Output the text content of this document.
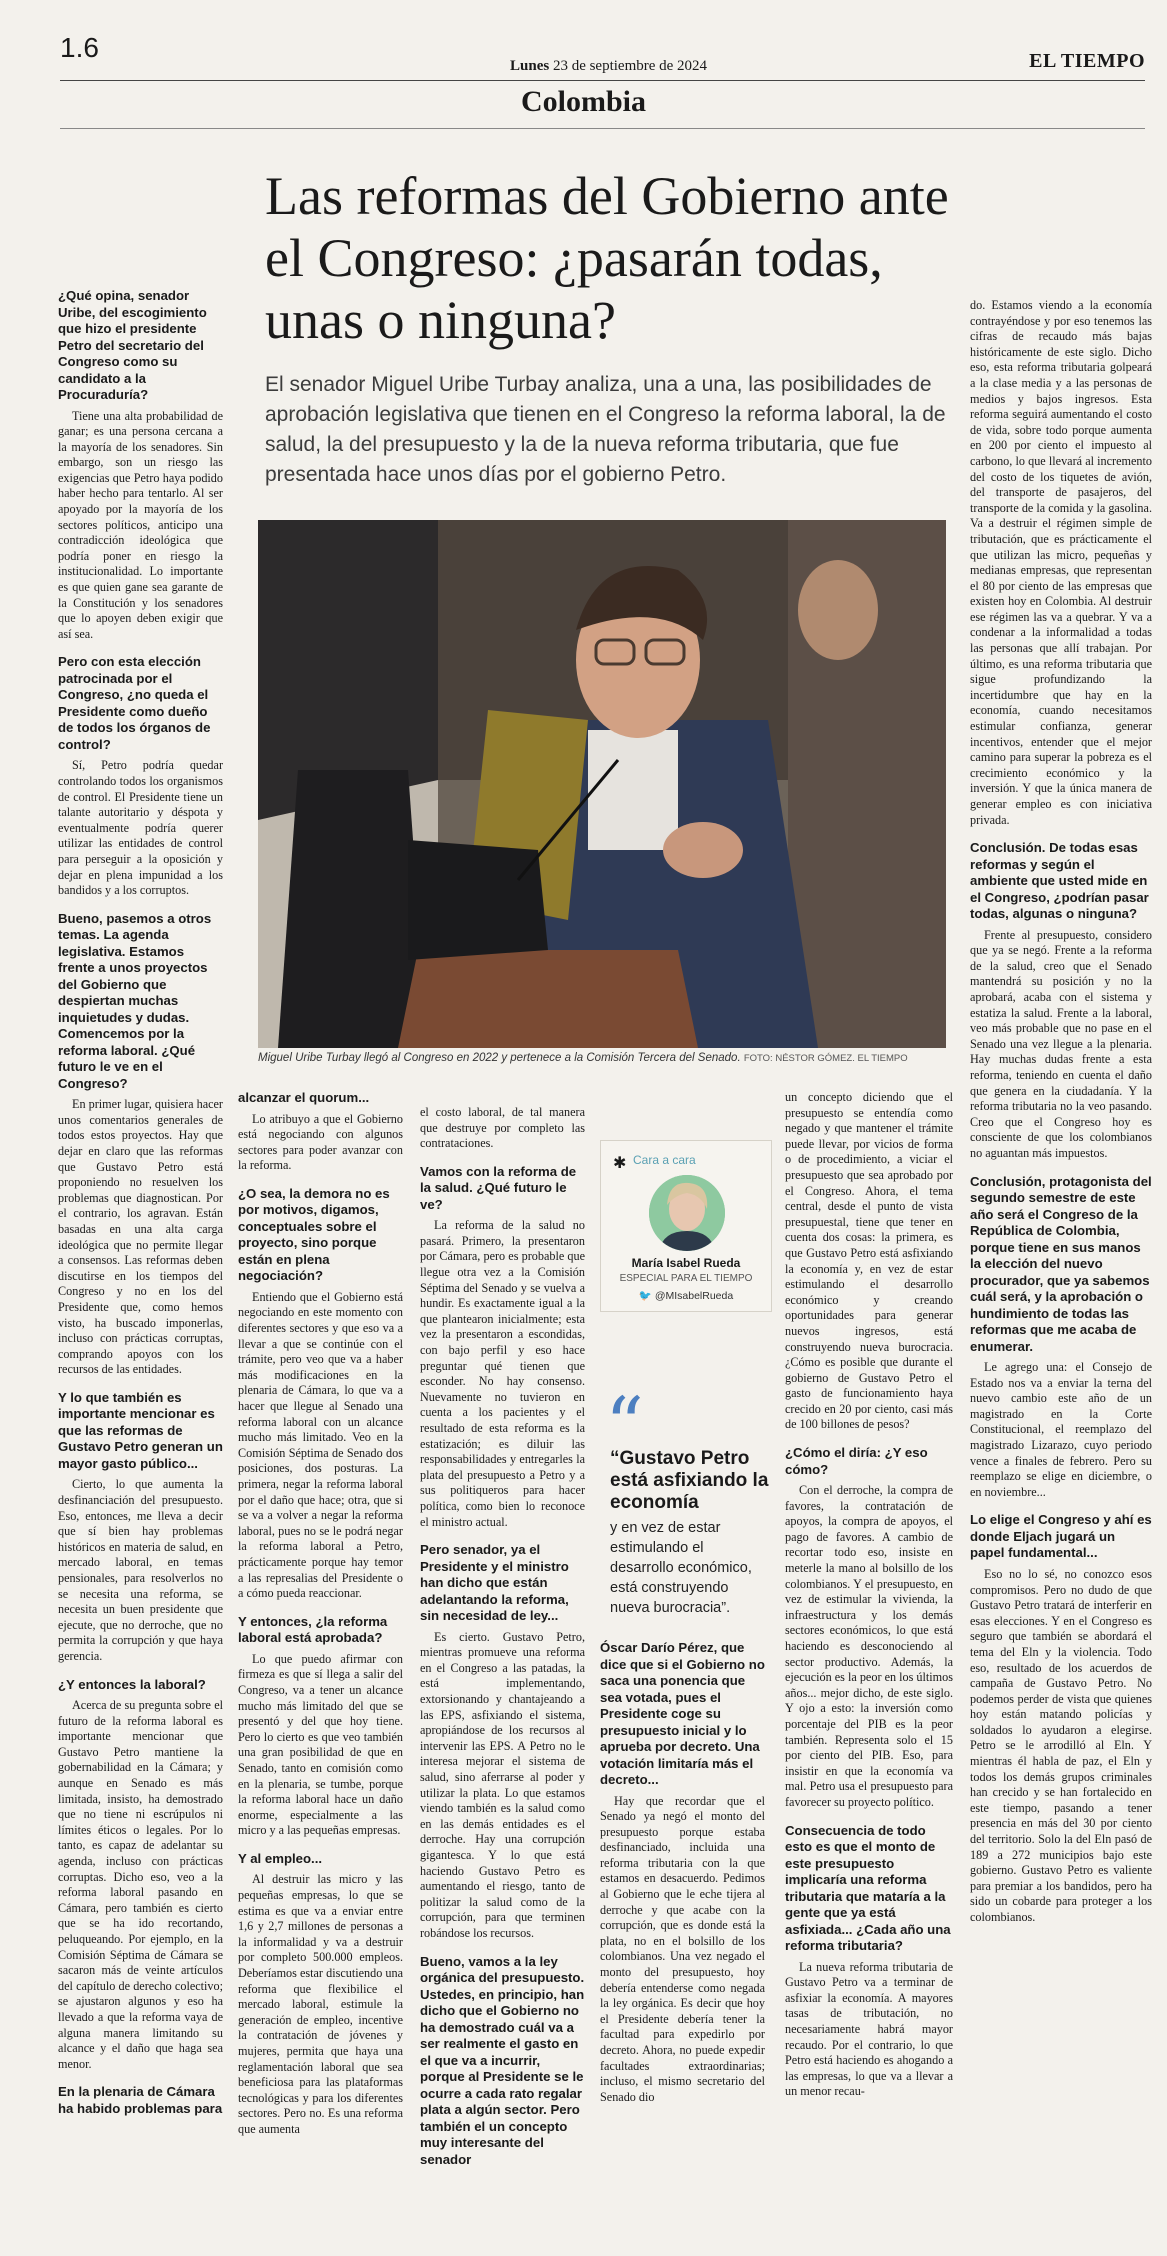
1.6
Lunes 23 de septiembre de 2024	EL TIEMPO
Colombia
Las reformas del Gobierno ante el Congreso: ¿pasarán todas, unas o ninguna?

El senador Miguel Uribe Turbay analiza, una a una, las posibilidades de aprobación legislativa que tienen en el Congreso la reforma laboral, la de salud, la del presupuesto y la de la nueva reforma tributaria, que fue presentada hace unos días por el gobierno Petro.

Miguel Uribe Turbay llegó al Congreso en 2022 y pertenece a la Comisión Tercera del Senado. FOTO: NÉSTOR GÓMEZ. EL TIEMPO
¿Qué opina, senador Uribe, del escogimiento que hizo el presidente Petro del secretario del Congreso como su candidato a la Procuraduría?

Tiene una alta probabilidad de ganar; es una persona cercana a la mayoría de los senadores. Sin embargo, son un riesgo las exigencias que Petro haya podido haber hecho para tentarlo. Al ser apoyado por la mayoría de los sectores políticos, anticipo una contradicción ideológica que podría poner en riesgo la institucionalidad. Lo importante es que quien gane sea garante de la Constitución y los senadores que lo apoyen deben exigir que así sea.

Pero con esta elección patrocinada por el Congreso, ¿no queda el Presidente como dueño de todos los órganos de control?

Sí, Petro podría quedar controlando todos los organismos de control. El Presidente tiene un talante autoritario y déspota y eventualmente podría querer utilizar las entidades de control para perseguir a la oposición y dejar en plena impunidad a los bandidos y a los corruptos.

Bueno, pasemos a otros temas. La agenda legislativa. Estamos frente a unos proyectos del Gobierno que despiertan muchas inquietudes y dudas. Comencemos por la reforma laboral. ¿Qué futuro le ve en el Congreso?

En primer lugar, quisiera hacer unos comentarios generales de todos estos proyectos. Hay que dejar en claro que las reformas que Gustavo Petro está proponiendo no resuelven los problemas que diagnostican. Por el contrario, los agravan. Están basadas en una alta carga ideológica que no permite llegar a consensos. Las reformas deben discutirse en los tiempos del Congreso y no en los del Presidente que, como hemos visto, ha buscado imponerlas, incluso con prácticas corruptas, comprando apoyos con los recursos de las entidades.

Y lo que también es importante mencionar es que las reformas de Gustavo Petro generan un mayor gasto público...

Cierto, lo que aumenta la desfinanciación del presupuesto. Eso, entonces, me lleva a decir que sí bien hay problemas históricos en materia de salud, en mercado laboral, en temas pensionales, para resolverlos no se necesita una reforma, se necesita un buen presidente que ejecute, que no derroche, que no permita la corrupción y que haya gerencia.

¿Y entonces la laboral?

Acerca de su pregunta sobre el futuro de la reforma laboral es importante mencionar que Gustavo Petro mantiene la gobernabilidad en la Cámara; y aunque en Senado es más limitada, insisto, ha demostrado que no tiene ni escrúpulos ni límites éticos o legales. Por lo tanto, es capaz de adelantar su agenda, incluso con prácticas corruptas. Dicho eso, veo a la reforma laboral pasando en Cámara, pero también es cierto que se ha ido recortando, peluqueando. Por ejemplo, en la Comisión Séptima de Cámara se sacaron más de veinte artículos del capítulo de derecho colectivo; se ajustaron algunos y eso ha llevado a que la reforma vaya de alguna manera limitando su alcance y el daño que haga sea menor.

En la plenaria de Cámara ha habido problemas para
alcanzar el quorum...

Lo atribuyo a que el Gobierno está negociando con algunos sectores para poder avanzar con la reforma.

¿O sea, la demora no es por motivos, digamos, conceptuales sobre el proyecto, sino porque están en plena negociación?

Entiendo que el Gobierno está negociando en este momento con diferentes sectores y que eso va a llevar a que se continúe con el trámite, pero veo que va a haber más modificaciones en la plenaria de Cámara, lo que va a hacer que llegue al Senado una reforma laboral con un alcance mucho más limitado. Veo en la Comisión Séptima de Senado dos posiciones, dos posturas. La primera, negar la reforma laboral por el daño que hace; otra, que si se va a volver a negar la reforma laboral, pues no se le podrá negar la reforma laboral a Petro, prácticamente porque hay temor a las represalias del Presidente o a cómo pueda reaccionar.

Y entonces, ¿la reforma laboral está aprobada?

Lo que puedo afirmar con firmeza es que sí llega a salir del Congreso, va a tener un alcance mucho más limitado del que se presentó y del que hoy tiene. Pero lo cierto es que veo también una gran posibilidad de que en Senado, tanto en comisión como en la plenaria, se tumbe, porque la reforma laboral hace un daño enorme, especialmente a las micro y a las pequeñas empresas.

Y al empleo...

Al destruir las micro y las pequeñas empresas, lo que se estima es que va a enviar entre 1,6 y 2,7 millones de personas a la informalidad y va a destruir por completo 500.000 empleos. Deberíamos estar discutiendo una reforma que flexibilice el mercado laboral, estimule la generación de empleo, incentive la contratación de jóvenes y mujeres, permita que haya una reglamentación laboral que sea beneficiosa para las plataformas tecnológicas y para los diferentes sectores. Pero no. Es una reforma que aumenta

el costo laboral, de tal manera que destruye por completo las contrataciones.

Vamos con la reforma de la salud. ¿Qué futuro le ve?

La reforma de la salud no pasará. Primero, la presentaron por Cámara, pero es probable que llegue otra vez a la Comisión Séptima del Senado y se vuelva a hundir. Es exactamente igual a la que plantearon inicialmente; esta vez la presentaron a escondidas, con bajo perfil y eso hace preguntar qué tienen que esconder. No hay consenso. Nuevamente no tuvieron en cuenta a los pacientes y el resultado de esta reforma es la estatización; es diluir las responsabilidades y entregarles la plata del presupuesto a Petro y a sus politiqueros para hacer política, como bien lo reconoce el ministro actual.

Pero senador, ya el Presidente y el ministro han dicho que están adelantando la reforma, sin necesidad de ley...

Es cierto. Gustavo Petro, mientras promueve una reforma en el Congreso a las patadas, la está implementando, extorsionando y chantajeando a las EPS, asfixiando el sistema, apropiándose de los recursos al intervenir las EPS. A Petro no le interesa mejorar el sistema de salud, sino aferrarse al poder y utilizar la plata. Lo que estamos viendo también es la salud como en las demás entidades es el derroche. Hay una corrupción gigantesca. Y lo que está haciendo Gustavo Petro es aumentando el riesgo, tanto de politizar la salud como de la corrupción, para que terminen robándose los recursos.

Bueno, vamos a la ley orgánica del presupuesto. Ustedes, en principio, han dicho que el Gobierno no ha demostrado cuál va a ser realmente el gasto en el que va a incurrir, porque al Presidente se le ocurre a cada rato regalar plata a algún sector. Pero también el un concepto muy interesante del senador
Óscar Darío Pérez, que dice que si el Gobierno no saca una ponencia que sea votada, pues el Presidente coge su presupuesto inicial y lo aprueba por decreto. Una votación limitaría más el decreto...

Hay que recordar que el Senado ya negó el monto del presupuesto porque estaba desfinanciado, incluida una reforma tributaria con la que estamos en desacuerdo. Pedimos al Gobierno que le eche tijera al derroche y que acabe con la corrupción, que es donde está la plata, no en el bolsillo de los colombianos. Una vez negado el monto del presupuesto, hoy debería entenderse como negada la ley orgánica. Es decir que hoy el Presidente debería tener la facultad para expedirlo por decreto. Ahora, no puede expedir facultades extraordinarias; incluso, el mismo secretario del Senado dio

un concepto diciendo que el presupuesto se entendía como negado y que mantener el trámite puede llevar, por vicios de forma o de procedimiento, a viciar el presupuesto que sea aprobado por el Congreso. Ahora, el tema central, desde el punto de vista presupuestal, tiene que tener en cuenta dos cosas: la primera, es que Gustavo Petro está asfixiando la economía y, en vez de estar estimulando el desarrollo económico y creando oportunidades para generar nuevos ingresos, está construyendo nueva burocracia. ¿Cómo es posible que durante el gobierno de Gustavo Petro el gasto de funcionamiento haya crecido en 20 por ciento, casi más de 100 billones de pesos?

¿Cómo el diría: ¿Y eso cómo?

Con el derroche, la compra de favores, la contratación de apoyos, la compra de apoyos, el pago de favores. A cambio de recortar todo eso, insiste en meterle la mano al bolsillo de los colombianos. Y el presupuesto, en vez de estimular la vivienda, la infraestructura y los demás sectores económicos, lo que está haciendo es desconociendo al sector productivo. Además, la ejecución es la peor en los últimos años... mejor dicho, de este siglo. Y ojo a esto: la inversión como porcentaje del PIB es la peor también. Representa solo el 15 por ciento del PIB. Eso, para insistir en que la economía va mal. Petro usa el presupuesto para favorecer su proyecto político.

Consecuencia de todo esto es que el monto de este presupuesto implicaría una reforma tributaria que mataría a la gente que ya está asfixiada... ¿Cada año una reforma tributaria?

La nueva reforma tributaria de Gustavo Petro va a terminar de asfixiar la economía. A mayores tasas de tributación, no necesariamente habrá mayor recaudo. Por el contrario, lo que Petro está haciendo es ahogando a las empresas, lo que va a llevar a un menor recau-

do. Estamos viendo a la economía contrayéndose y por eso tenemos las cifras de recaudo más bajas históricamente de este siglo. Dicho eso, esta reforma tributaria golpeará a la clase media y a las personas de medios y bajos ingresos. Esta reforma seguirá aumentando el costo de vida, sobre todo porque aumenta en 200 por ciento el impuesto al carbono, lo que llevará al incremento del costo de los tiquetes de avión, del transporte de pasajeros, del transporte de la comida y la gasolina. Va a destruir el régimen simple de tributación, que es prácticamente el que utilizan las micro, pequeñas y medianas empresas, que representan el 80 por ciento de las empresas que existen hoy en Colombia. Al destruir ese régimen las va a quebrar. Y va a condenar a la informalidad a todas las personas que allí trabajan. Por último, es una reforma tributaria que sigue profundizando la incertidumbre que hay en la economía, cuando necesitamos estimular confianza, generar incentivos, entender que el mejor camino para superar la pobreza es el crecimiento económico y la inversión. Y que la única manera de generar empleo es con iniciativa privada.

Conclusión. De todas esas reformas y según el ambiente que usted mide en el Congreso, ¿podrían pasar todas, algunas o ninguna?

Frente al presupuesto, considero que ya se negó. Frente a la reforma de la salud, creo que el Senado mantendrá su posición y no la aprobará, acaba con el sistema y estatiza la salud. Frente a la laboral, veo más probable que no pase en el Senado una vez llegue a la plenaria. Hay muchas dudas frente a esta reforma, teniendo en cuenta el daño que genera en la ciudadanía. Y la reforma tributaria no la veo pasando. Creo que el Congreso hoy es consciente de que los colombianos no aguantan más impuestos.

Conclusión, protagonista del segundo semestre de este año será el Congreso de la República de Colombia, porque tiene en sus manos la elección del nuevo procurador, que ya sabemos cuál será, y la aprobación o hundimiento de todas las reformas que me acaba de enumerar.

Le agrego una: el Consejo de Estado nos va a enviar la terna del nuevo cambio este año de un magistrado en la Corte Constitucional, el reemplazo del magistrado Lizarazo, cuyo periodo vence a finales de febrero. Pero su reemplazo se elige en diciembre, o en noviembre...

Lo elige el Congreso y ahí es donde Eljach jugará un papel fundamental...

Eso no lo sé, no conozco esos compromisos. Pero no dudo de que Gustavo Petro tratará de interferir en esas elecciones. Y en el Congreso es seguro que también se abordará el tema del Eln y la violencia. Todo eso, resultado de los acuerdos de campaña de Gustavo Petro. No podemos perder de vista que quienes hoy están matando policías y soldados lo ayudaron a elegirse. Petro se le arrodilló al Eln. Y mientras él habla de paz, el Eln y todos los demás grupos criminales han crecido y se han fortalecido en este tiempo, pasando a tener presencia en más del 30 por ciento del territorio. Solo la del Eln pasó de 189 a 272 municipios bajo este gobierno. Gustavo Petro es valiente para premiar a los bandidos, pero ha sido un cobarde para proteger a los colombianos.

✱ Cara a cara
María Isabel Rueda
ESPECIAL PARA EL TIEMPO
🐦 @MIsabelRueda
“
“Gustavo Petro está asfixiando la economía
y en vez de estar estimulando el desarrollo económico, está construyendo nueva burocracia”.
